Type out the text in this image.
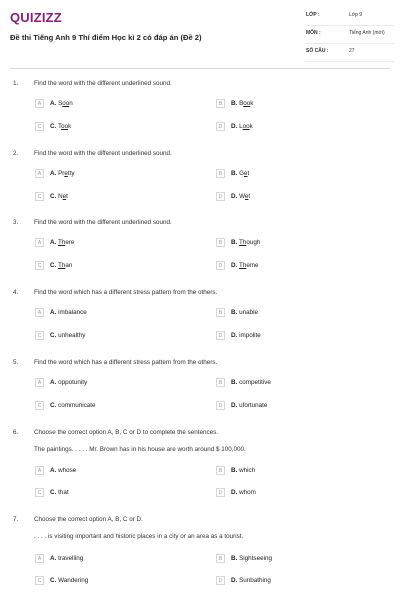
QUIZIZZ
Đề thi Tiếng Anh 9 Thí điểm Học kì 2 có đáp án (Đề 2)
LỚP :	Lớp 9
MÔN :	Tiếng Anh (mới)
SỐ CÂU :	27
1. Find the word with the different underlined sound.
A	A. Soon	B	B. Book
C	C. Took	D	D. Look
2. Find the word with the different underlined sound.
A	A. Pretty	B	B. Get
C	C. Net	D	D. Wet
3. Find the word with the different underlined sound.
A	A. There	B	B. Though
C	C. Than	D	D. Theme
4. Find the word which has a different stress pattern from the others.
A	A. imbalance	B	B. unable
C	C. unhealthy	D	D. impolite
5. Find the word which has a different stress pattern from the others.
A	A. oppotunity	B	B. competitive
C	C. communicate	D	D. ufortunate
6. Choose the correct option A, B, C or D to complete the sentences.
The paintings. . . . . Mr. Brown has in his house are worth around $ 100,000.
A	A. whose	B	B. which
C	C. that	D	D. whom
7. Choose the correct option A, B, C or D.
. . . . is visiting important and historic places in a city or an area as a tourist.
A	A. travelling	B	B. Sightseeing
C	C. Wandering	D	D. Sunbathing
